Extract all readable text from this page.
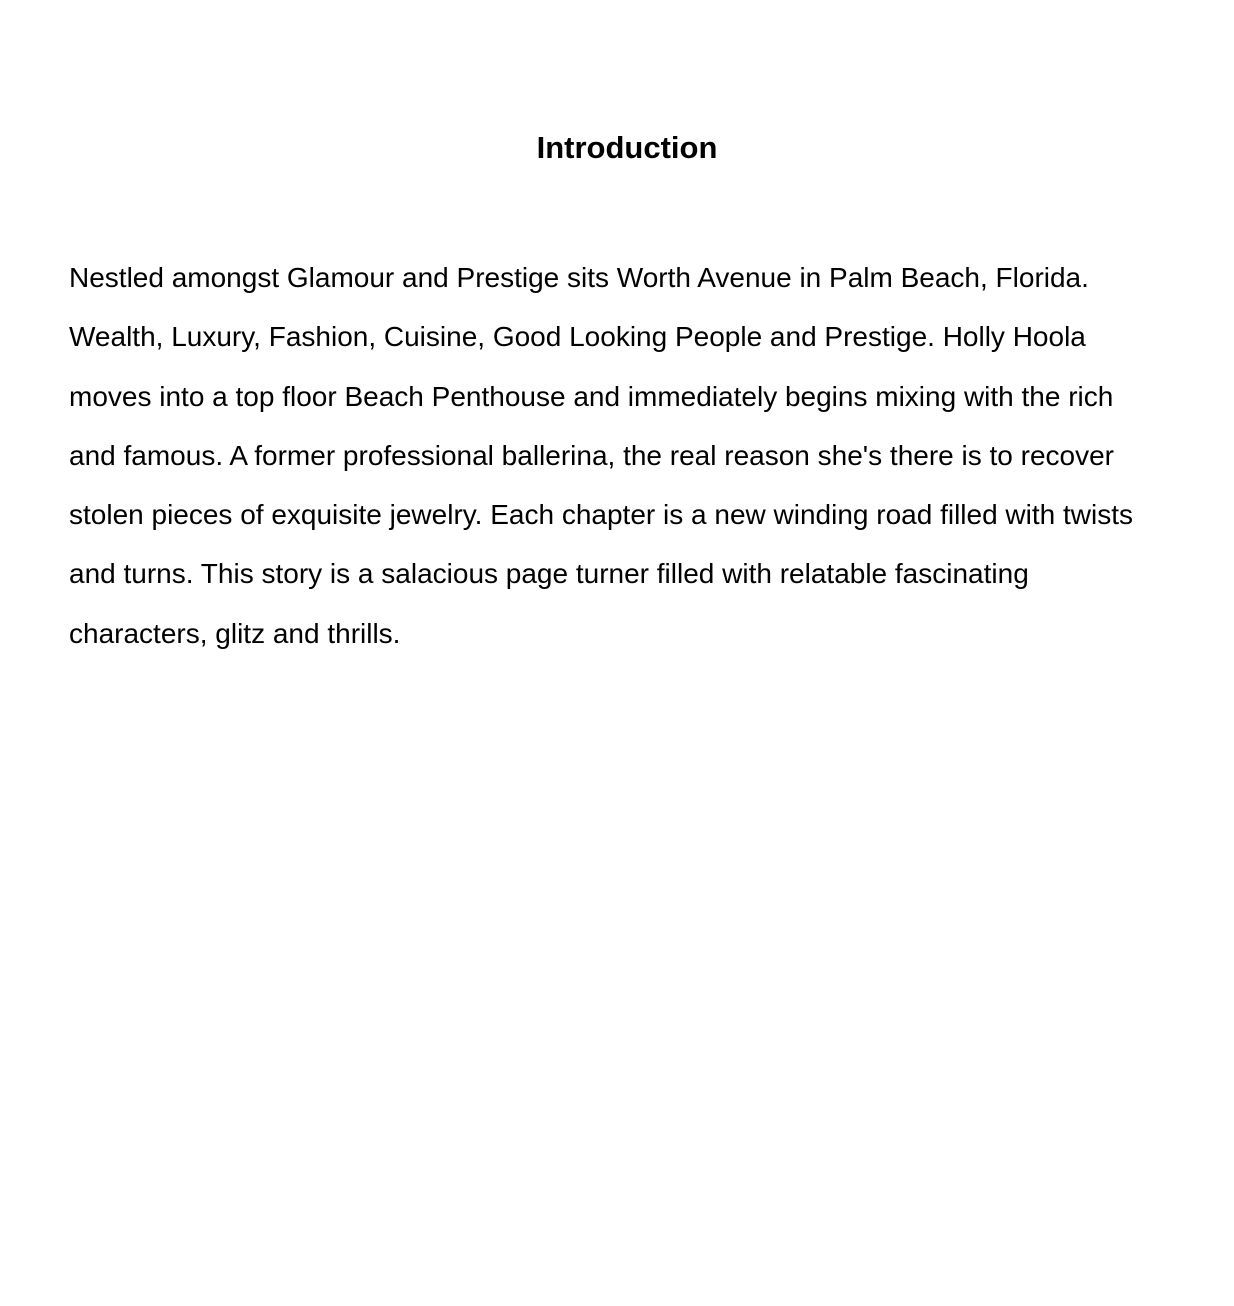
Introduction

Nestled amongst Glamour and Prestige sits Worth Avenue in Palm Beach, Florida.
Wealth, Luxury, Fashion, Cuisine, Good Looking People and Prestige. Holly Hoola
moves into a top floor Beach Penthouse and immediately begins mixing with the rich
and famous. A former professional ballerina, the real reason she's there is to recover
stolen pieces of exquisite jewelry. Each chapter is a new winding road filled with twists
and turns. This story is a salacious page turner filled with relatable fascinating
characters, glitz and thrills.
